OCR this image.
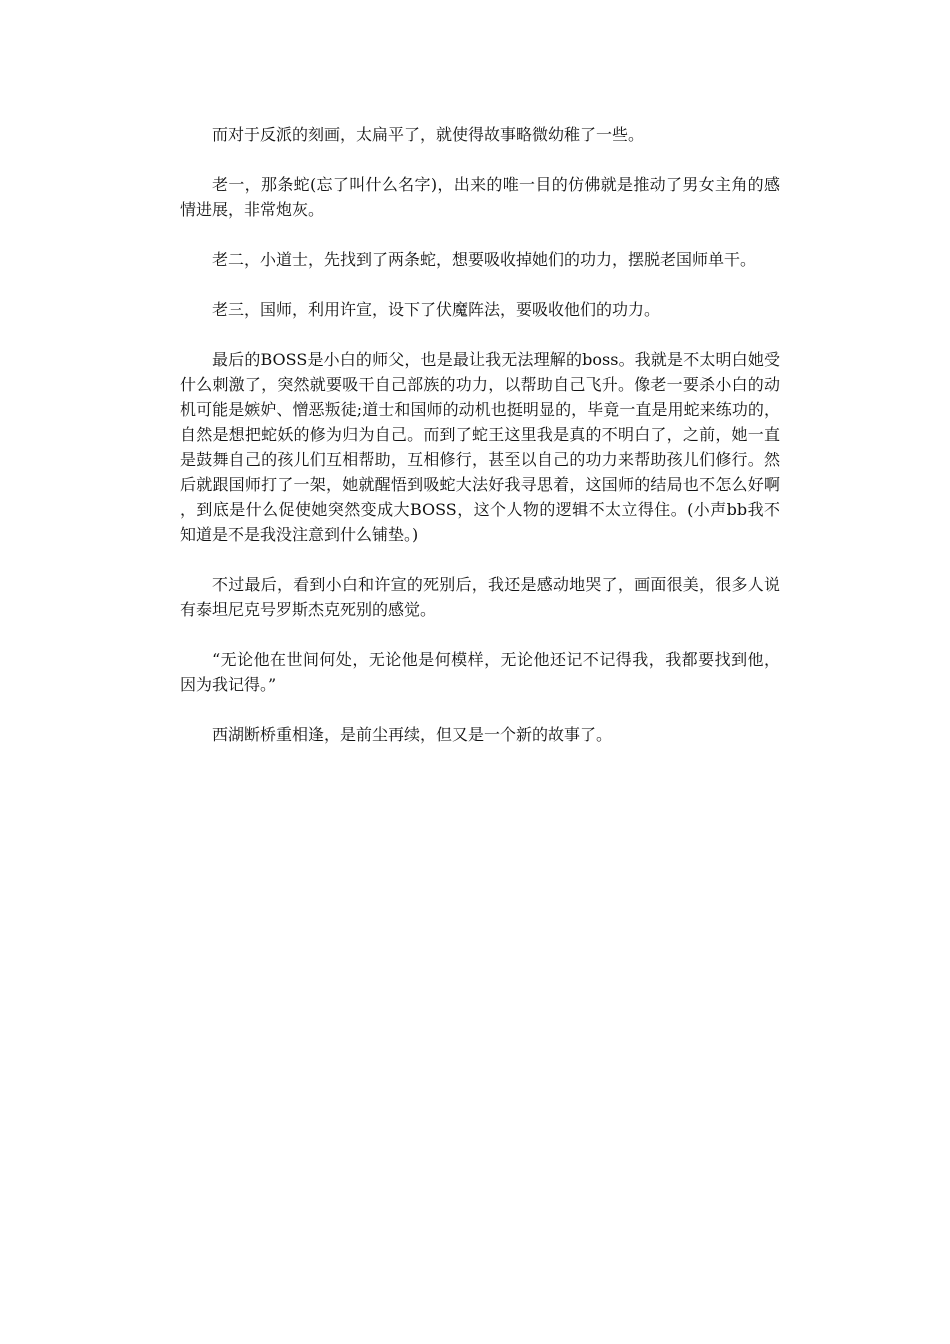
而对于反派的刻画，太扁平了，就使得故事略微幼稚了一些。

老一，那条蛇(忘了叫什么名字)，出来的唯一目的仿佛就是推动了男女主角的感情进展，非常炮灰。

老二，小道士，先找到了两条蛇，想要吸收掉她们的功力，摆脱老国师单干。

老三，国师，利用许宣，设下了伏魔阵法，要吸收他们的功力。

最后的BOSS是小白的师父，也是最让我无法理解的boss。我就是不太明白她受什么刺激了，突然就要吸干自己部族的功力，以帮助自己飞升。像老一要杀小白的动机可能是嫉妒、憎恶叛徒;道士和国师的动机也挺明显的，毕竟一直是用蛇来练功的，自然是想把蛇妖的修为归为自己。而到了蛇王这里我是真的不明白了，之前，她一直是鼓舞自己的孩儿们互相帮助，互相修行，甚至以自己的功力来帮助孩儿们修行。然后就跟国师打了一架，她就醒悟到吸蛇大法好我寻思着，这国师的结局也不怎么好啊，到底是什么促使她突然变成大BOSS，这个人物的逻辑不太立得住。(小声bb我不知道是不是我没注意到什么铺垫。)

不过最后，看到小白和许宣的死别后，我还是感动地哭了，画面很美，很多人说有泰坦尼克号罗斯杰克死别的感觉。

“无论他在世间何处，无论他是何模样，无论他还记不记得我，我都要找到他，因为我记得。”

西湖断桥重相逢，是前尘再续，但又是一个新的故事了。
